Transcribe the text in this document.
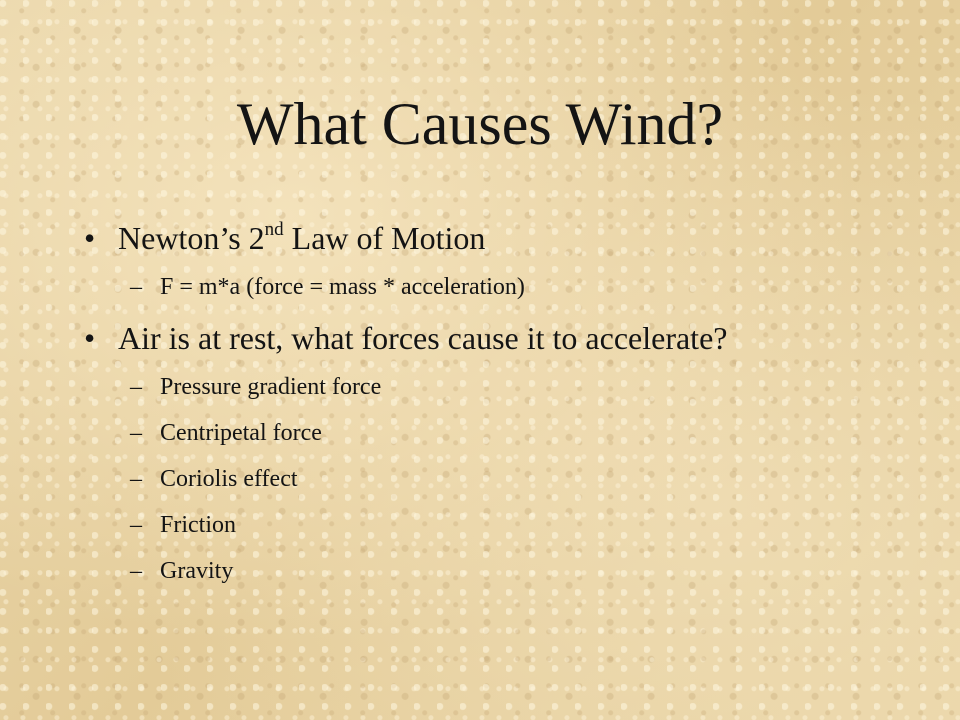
What Causes Wind?
• Newton’s 2nd Law of Motion
– F = m*a (force = mass * acceleration)
• Air is at rest, what forces cause it to accelerate?
– Pressure gradient force
– Centripetal force
– Coriolis effect
– Friction
– Gravity
